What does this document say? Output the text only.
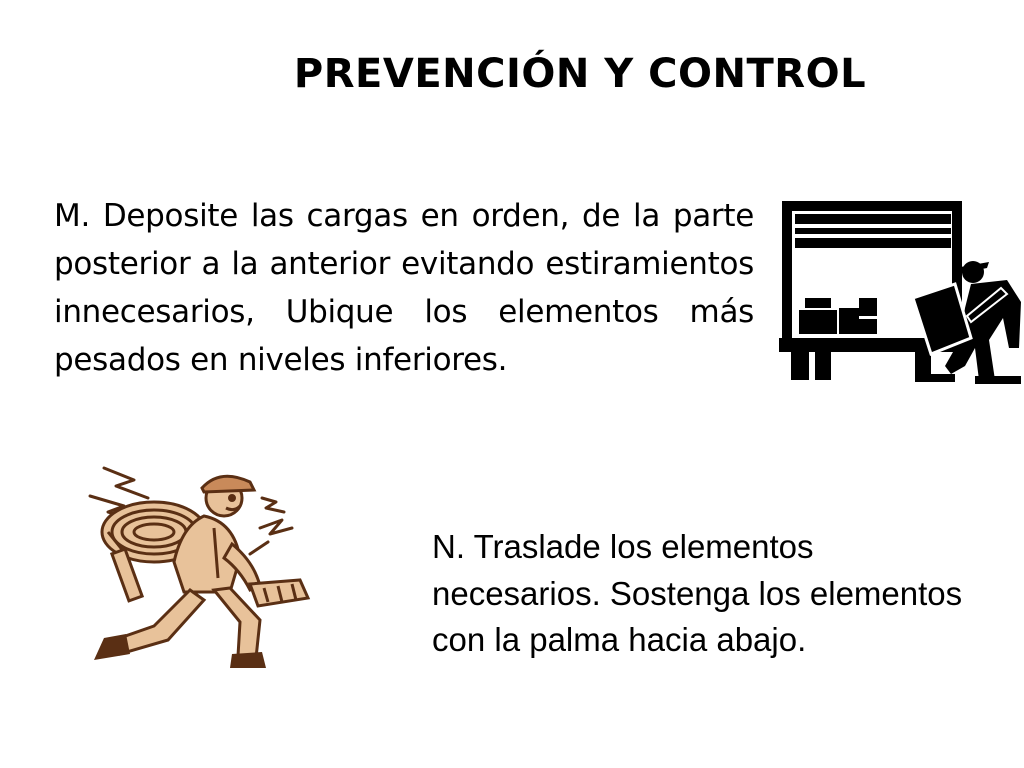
PREVENCIÓN Y CONTROL

M. Deposite las cargas en orden, de la parte posterior a la anterior evitando estiramientos innecesarios, Ubique los elementos más pesados en niveles inferiores.

N. Traslade los elementos necesarios. Sostenga los elementos con la palma hacia abajo.
